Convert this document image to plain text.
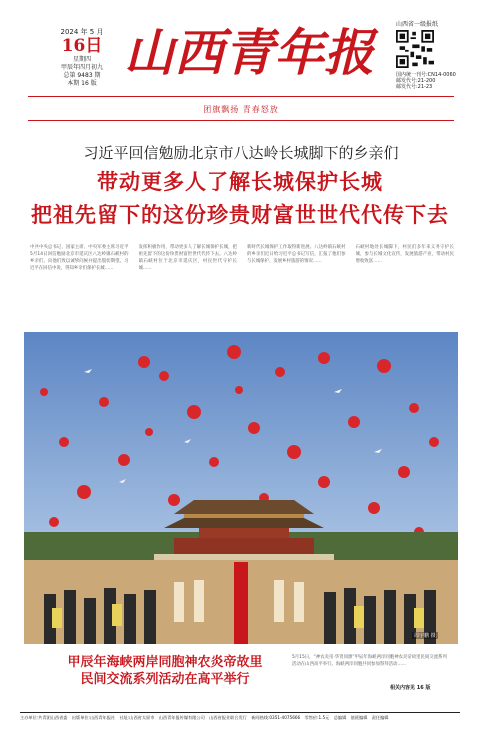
2024 年 5 月
16日
星期四
甲辰年四月初九
总第 9483 期
本期 16 版
山西青年报	山西省一级报纸
国内统一刊号:CN14-0060
邮发代号:21-200
邮发代号:21-23
团旗飘扬 青春怒放
习近平回信勉励北京市八达岭长城脚下的乡亲们
带动更多人了解长城保护长城
把祖先留下的这份珍贵财富世世代代传下去
中共中央总书记、国家主席、中央军委主席习近平5月14日回信勉励北京市延庆区八达岭镇石峡村的乡亲们，向他们致以诚挚问候并提出殷切期望。习近平在回信中说，得知乡亲们保护长城……
发挥积极作用，带动更多人了解长城保护长城，把祖先留下的这份珍贵财富世世代代传下去。八达岭镇石峡村位于北京市延庆区，村民世代守护长城……
新时代长城保护工作取得新进展。八达岭镇石峡村的乡亲们近日给习近平总书记写信，汇报了他们参与长城保护、发展乡村旅游的情况……
石峡村地处长城脚下，村民们多年来义务守护长城，参与长城文化宣传，发展旅游产业，带动村民增收致富……
周宇鹏 摄
甲辰年海峡两岸同胞神农炎帝故里
民间交流系列活动在高平举行
5月15日，“神农炎帝·华胄同源”甲辰年海峡两岸同胞神农炎帝故里民间交流系列活动在山西高平举行。海峡两岸同胞共同参加祭拜活动……
相关内容见 16 版
主办单位:共青团山西省委 出版单位:山西青年报社 社址:山西省太原市 山西青年报传媒有限公司 山西省报业联合发行 新闻热线:0351-4075666 零售价:1.5元 总编辑 值班编辑 责任编辑
